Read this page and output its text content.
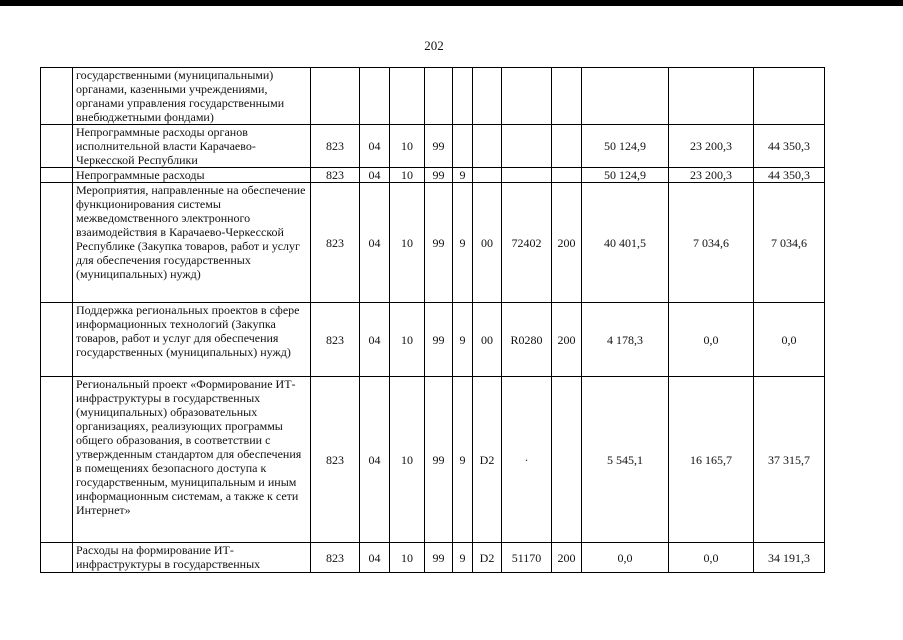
202
	государственными (муниципальными) органами, казенными учреждениями, органами управления государственными внебюджетными фондами)											
	Непрограммные расходы органов исполнительной власти Карачаево-Черкесской Республики	823	04	10	99					50 124,9	23 200,3	44 350,3
	Непрограммные расходы	823	04	10	99	9				50 124,9	23 200,3	44 350,3
	Мероприятия, направленные на обеспечение функционирования системы межведомственного электронного взаимодействия в Карачаево-Черкесской Республике (Закупка товаров, работ и услуг для обеспечения государственных (муниципальных) нужд)	823	04	10	99	9	00	72402	200	40 401,5	7 034,6	7 034,6
	Поддержка региональных проектов в сфере информационных технологий (Закупка товаров, работ и услуг для обеспечения государственных (муниципальных) нужд)	823	04	10	99	9	00	R0280	200	4 178,3	0,0	0,0
	Региональный проект «Формирование ИТ-инфраструктуры в государственных (муниципальных) образовательных организациях, реализующих программы общего образования, в соответствии с утвержденным стандартом для обеспечения в помещениях безопасного доступа к государственным, муниципальным и иным информационным системам, а также к сети Интернет»	823	04	10	99	9	D2	·		5 545,1	16 165,7	37 315,7
	Расходы на формирование ИТ-инфраструктуры в государственных	823	04	10	99	9	D2	51170	200	0,0	0,0	34 191,3
